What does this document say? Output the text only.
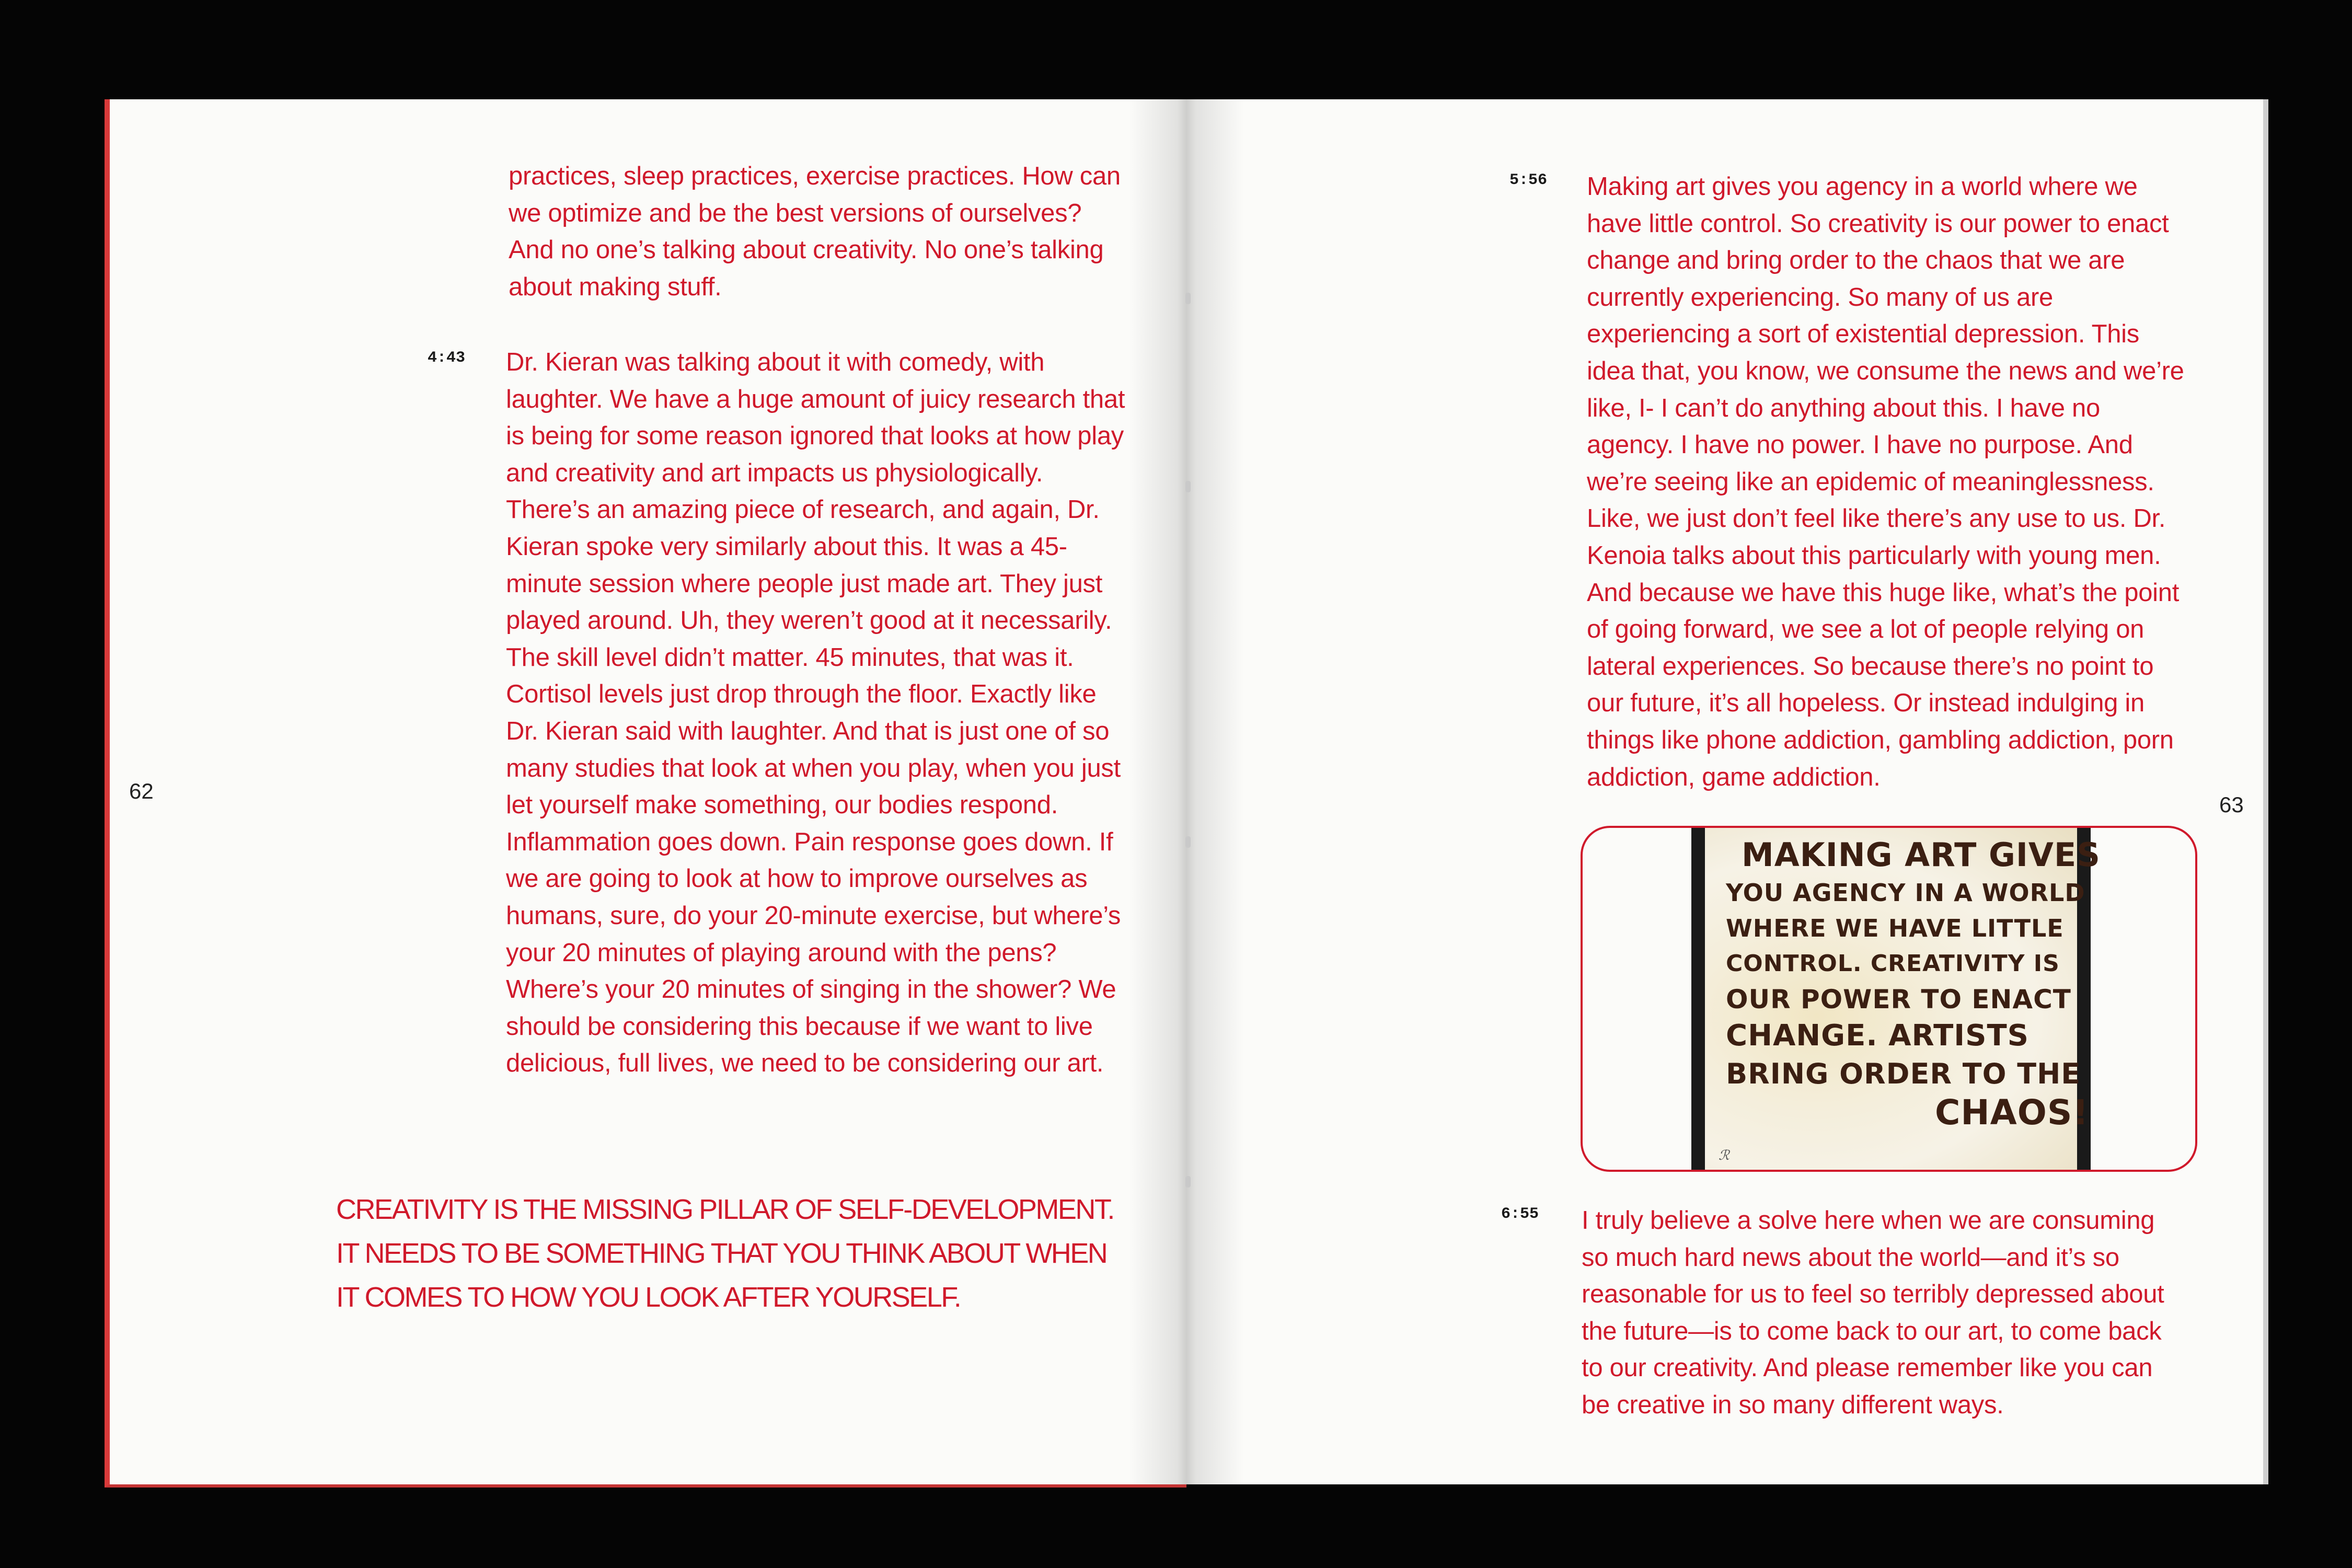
practices, sleep practices, exercise practices. How can we optimize and be the best versions of ourselves? And no one’s talking about creativity. No one’s talking about making stuff.

4:43 Dr. Kieran was talking about it with comedy, with laughter. We have a huge amount of juicy research that is being for some reason ignored that looks at how play and creativity and art impacts us physiologically. There’s an amazing piece of research, and again, Dr. Kieran spoke very similarly about this. It was a 45-minute session where people just made art. They just played around. Uh, they weren’t good at it necessarily. The skill level didn’t matter. 45 minutes, that was it. Cortisol levels just drop through the floor. Exactly like Dr. Kieran said with laughter. And that is just one of so many studies that look at when you play, when you just let yourself make something, our bodies respond. Inflammation goes down. Pain response goes down. If we are going to look at how to improve ourselves as humans, sure, do your 20-minute exercise, but where’s your 20 minutes of playing around with the pens? Where’s your 20 minutes of singing in the shower? We should be considering this because if we want to live delicious, full lives, we need to be considering our art.

62
CREATIVITY IS THE MISSING PILLAR OF SELF-DEVELOPMENT.
IT NEEDS TO BE SOMETHING THAT YOU THINK ABOUT WHEN
IT COMES TO HOW YOU LOOK AFTER YOURSELF.
5:56 Making art gives you agency in a world where we have little control. So creativity is our power to enact change and bring order to the chaos that we are currently experiencing. So many of us are experiencing a sort of existential depression. This idea that, you know, we consume the news and we’re like, I- I can’t do anything about this. I have no agency. I have no power. I have no purpose. And we’re seeing like an epidemic of meaninglessness. Like, we just don’t feel like there’s any use to us. Dr. Kenoia talks about this particularly with young men. And because we have this huge like, what’s the point of going forward, we see a lot of people relying on lateral experiences. So because there’s no point to our future, it’s all hopeless. Or instead indulging in things like phone addiction, gambling addiction, porn addiction, game addiction.

63
MAKING ART GIVES
YOU AGENCY IN A WORLD
WHERE WE HAVE LITTLE
CONTROL. CREATIVITY IS
OUR POWER TO ENACT
CHANGE. ARTISTS
BRING ORDER TO THE
CHAOS!
ℛ
6:55 I truly believe a solve here when we are consuming so much hard news about the world—and it’s so reasonable for us to feel so terribly depressed about the future—is to come back to our art, to come back to our creativity. And please remember like you can be creative in so many different ways.
